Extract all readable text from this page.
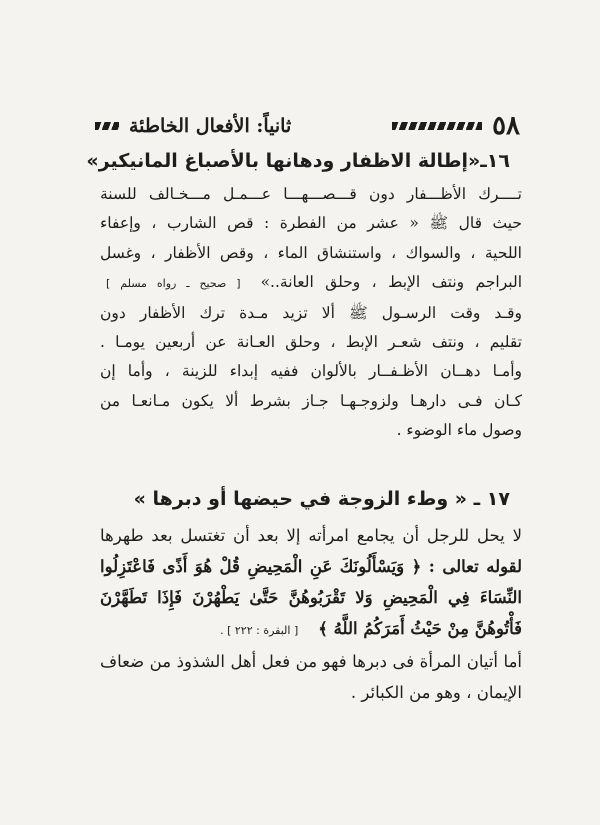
٥٨
ثانياً: الأفعال الخاطئة
١٦ـ«إطالة الاظفار ودهانها بالأصباغ المانيكير»
تــــرك الأظـــفار دون قـــصـــهـــا عـــمـل مـــخـالف للسنة
حيث قال ﷺ « عشر من الفطرة : قص الشارب ، وإعفاء
اللحية ، والسواك ، واستنشاق الماء ، وقص الأظفار ، وغسل
البراجم ونتف الإبط ، وحلق العانة..»[ صحيح ـ رواه مسلم ]
وقـد وقت الرسـول ﷺ ألا تزيد مـدة ترك الأظفار دون
تقليم ، ونتف شعـر الإبط ، وحلق العـانة عن أربعين يومـا .
وأمـا دهــان الأظـفــار بالألوان ففيه إبداء للزينة ، وأما إن
كـان فـى دارهـا ولزوجـهـا جـاز بشرط ألا يكون مـانعـا من
وصول ماء الوضوء .
١٧ ـ « وطء الزوجة في حيضها أو دبرها »
لا يحل للرجل أن يجامع امرأته إلا بعد أن تغتسل بعد طهرها
لقوله تعالى : ﴿ وَيَسْأَلُونَكَ عَنِ الْمَحِيضِ قُلْ هُوَ أَذًى فَاعْتَزِلُوا
النِّسَاءَ فِي الْمَحِيضِ وَلا تَقْرَبُوهُنَّ حَتَّىٰ يَطْهُرْنَ فَإِذَا تَطَهَّرْنَ
فَأْتُوهُنَّ مِنْ حَيْثُ أَمَرَكُمُ اللَّهُ ﴾[ البقرة : ٢٢٢ ] .
أما أتيان المرأة فى دبرها فهو من فعل أهل الشذوذ من ضعاف
الإيمان ، وهو من الكبائر .
